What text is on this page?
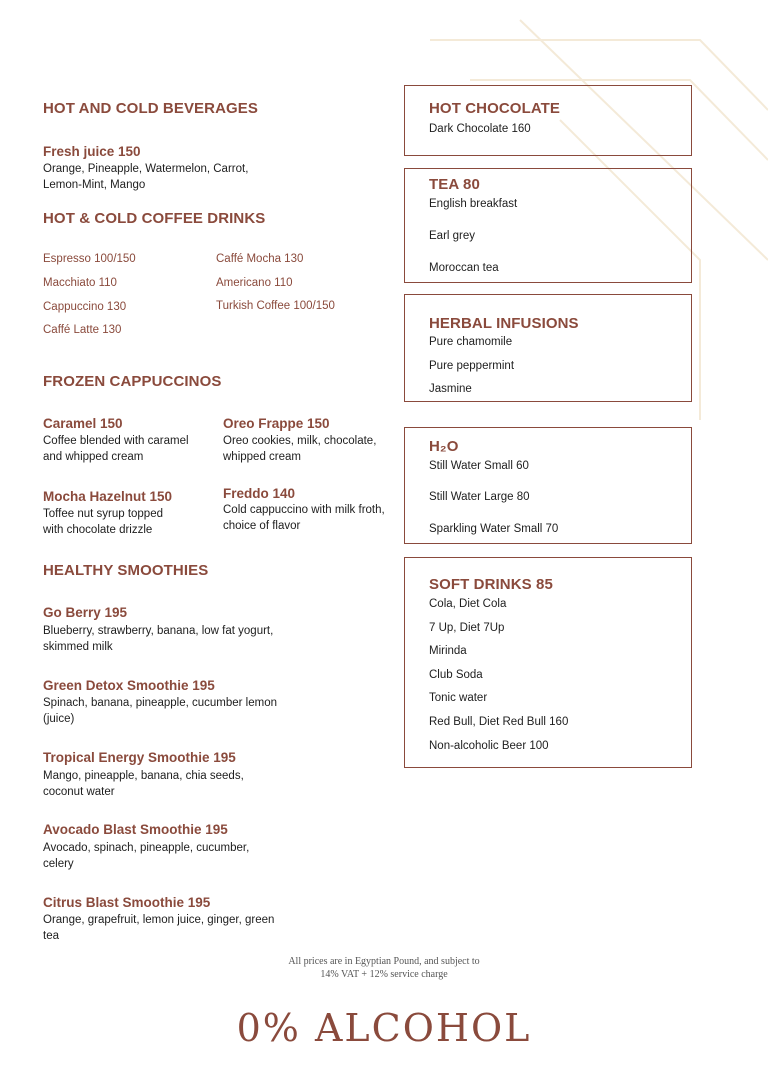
HOT AND COLD BEVERAGES
Fresh juice 150
Orange, Pineapple, Watermelon, Carrot,
Lemon-Mint, Mango
HOT & COLD COFFEE DRINKS
Espresso 100/150
Macchiato 110
Cappuccino 130
Caffé Latte 130
Caffé Mocha 130
Americano 110
Turkish Coffee 100/150
FROZEN CAPPUCCINOS
Caramel 150
Coffee blended with caramel
and whipped cream
Oreo Frappe 150
Oreo cookies, milk, chocolate,
whipped cream
Mocha Hazelnut 150
Toffee nut syrup topped
with chocolate drizzle
Freddo 140
Cold cappuccino with milk froth,
choice of flavor
HEALTHY SMOOTHIES
Go Berry 195
Blueberry, strawberry, banana, low fat yogurt,
skimmed milk
Green Detox Smoothie 195
Spinach, banana, pineapple, cucumber lemon
(juice)
Tropical Energy Smoothie 195
Mango, pineapple, banana, chia seeds,
coconut water
Avocado Blast Smoothie 195
Avocado, spinach, pineapple, cucumber,
celery
Citrus Blast Smoothie 195
Orange, grapefruit, lemon juice, ginger, green
tea
HOT CHOCOLATE
Dark Chocolate 160
TEA 80
English breakfast
Earl grey
Moroccan tea
HERBAL INFUSIONS
Pure chamomile
Pure peppermint
Jasmine
H₂O
Still Water Small 60
Still Water Large 80
Sparkling Water Small 70
SOFT DRINKS 85
Cola, Diet Cola
7 Up, Diet 7Up
Mirinda
Club Soda
Tonic water
Red Bull, Diet Red Bull 160
Non-alcoholic Beer 100
All prices are in Egyptian Pound, and subject to
14% VAT + 12% service charge
0% ALCOHOL
